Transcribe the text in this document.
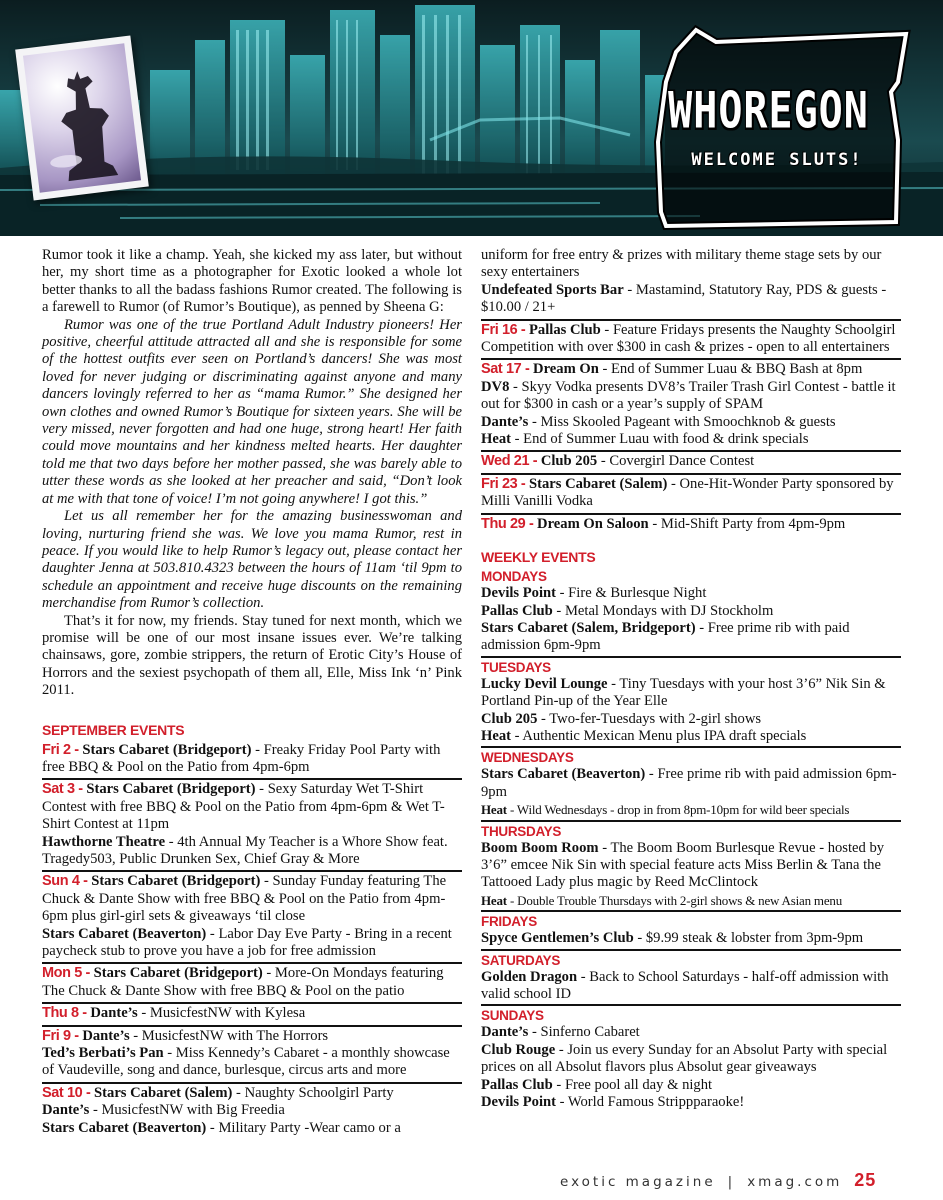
WHOREGON
WELCOME SLUTS!

Rumor took it like a champ. Yeah, she kicked my ass later, but without her, my short time as a photographer for Exotic looked a whole lot better thanks to all the badass fashions Rumor created. The following is a farewell to Rumor (of Rumor’s Boutique), as penned by Sheena G:

Rumor was one of the true Portland Adult Industry pioneers! Her positive, cheerful attitude attracted all and she is responsible for some of the hottest outfits ever seen on Portland’s dancers! She was most loved for never judging or discriminating against anyone and many dancers lovingly referred to her as “mama Rumor.” She designed her own clothes and owned Rumor’s Boutique for sixteen years. She will be very missed, never forgotten and had one huge, strong heart! Her faith could move mountains and her kindness melted hearts. Her daughter told me that two days before her mother passed, she was barely able to utter these words as she looked at her preacher and said, “Don’t look at me with that tone of voice! I’m not going anywhere! I got this.”

Let us all remember her for the amazing businesswoman and loving, nurturing friend she was. We love you mama Rumor, rest in peace. If you would like to help Rumor’s legacy out, please contact her daughter Jenna at 503.810.4323 between the hours of 11am ‘til 9pm to schedule an appointment and receive huge discounts on the remaining merchandise from Rumor’s collection.

That’s it for now, my friends. Stay tuned for next month, which we promise will be one of our most insane issues ever. We’re talking chainsaws, gore, zombie strippers, the return of Erotic City’s House of Horrors and the sexiest psychopath of them all, Elle, Miss Ink ‘n’ Pink 2011.

SEPTEMBER EVENTS

Fri 2 - Stars Cabaret (Bridgeport) - Freaky Friday Pool Party with free BBQ & Pool on the Patio from 4pm-6pm

Sat 3 - Stars Cabaret (Bridgeport) - Sexy Saturday Wet T-Shirt Contest with free BBQ & Pool on the Patio from 4pm-6pm & Wet T-Shirt Contest at 11pm

Hawthorne Theatre - 4th Annual My Teacher is a Whore Show feat. Tragedy503, Public Drunken Sex, Chief Gray & More

Sun 4 - Stars Cabaret (Bridgeport) - Sunday Funday featuring The Chuck & Dante Show with free BBQ & Pool on the Patio from 4pm-6pm plus girl-girl sets & giveaways ‘til close

Stars Cabaret (Beaverton) - Labor Day Eve Party - Bring in a recent paycheck stub to prove you have a job for free admission

Mon 5 - Stars Cabaret (Bridgeport) - More-On Mondays featuring The Chuck & Dante Show with free BBQ & Pool on the patio

Thu 8 - Dante’s - MusicfestNW with Kylesa

Fri 9 - Dante’s - MusicfestNW with The Horrors

Ted’s Berbati’s Pan - Miss Kennedy’s Cabaret - a monthly showcase of Vaudeville, song and dance, burlesque, circus arts and more

Sat 10 - Stars Cabaret (Salem) - Naughty Schoolgirl Party

Dante’s - MusicfestNW with Big Freedia

Stars Cabaret (Beaverton) - Military Party -Wear camo or a

uniform for free entry & prizes with military theme stage sets by our sexy entertainers

Undefeated Sports Bar - Mastamind, Statutory Ray, PDS & guests - $10.00 / 21+

Fri 16 - Pallas Club - Feature Fridays presents the Naughty Schoolgirl Competition with over $300 in cash & prizes - open to all entertainers

Sat 17 - Dream On - End of Summer Luau & BBQ Bash at 8pm

DV8 - Skyy Vodka presents DV8’s Trailer Trash Girl Contest - battle it out for $300 in cash or a year’s supply of SPAM

Dante’s - Miss Skooled Pageant with Smoochknob & guests

Heat - End of Summer Luau with food & drink specials

Wed 21 - Club 205 - Covergirl Dance Contest

Fri 23 - Stars Cabaret (Salem) - One-Hit-Wonder Party sponsored by Milli Vanilli Vodka

Thu 29 - Dream On Saloon - Mid-Shift Party from 4pm-9pm

WEEKLY EVENTS

MONDAYS

Devils Point - Fire & Burlesque Night

Pallas Club - Metal Mondays with DJ Stockholm

Stars Cabaret (Salem, Bridgeport) - Free prime rib with paid admission 6pm-9pm

TUESDAYS

Lucky Devil Lounge - Tiny Tuesdays with your host 3’6” Nik Sin & Portland Pin-up of the Year Elle

Club 205 - Two-fer-Tuesdays with 2-girl shows

Heat - Authentic Mexican Menu plus IPA draft specials

WEDNESDAYS

Stars Cabaret (Beaverton) - Free prime rib with paid admission 6pm-9pm

Heat - Wild Wednesdays - drop in from 8pm-10pm for wild beer specials

THURSDAYS

Boom Boom Room - The Boom Boom Burlesque Revue - hosted by 3’6” emcee Nik Sin with special feature acts Miss Berlin & Tana the Tattooed Lady plus magic by Reed McClintock

Heat - Double Trouble Thursdays with 2-girl shows & new Asian menu

FRIDAYS

Spyce Gentlemen’s Club - $9.99 steak & lobster from 3pm-9pm

SATURDAYS

Golden Dragon - Back to School Saturdays - half-off admission with valid school ID

SUNDAYS

Dante’s - Sinferno Cabaret

Club Rouge - Join us every Sunday for an Absolut Party with special prices on all Absolut flavors plus Absolut gear giveaways

Pallas Club - Free pool all day & night

Devils Point - World Famous Strippparaoke!

exotic magazine | xmag.com 25
